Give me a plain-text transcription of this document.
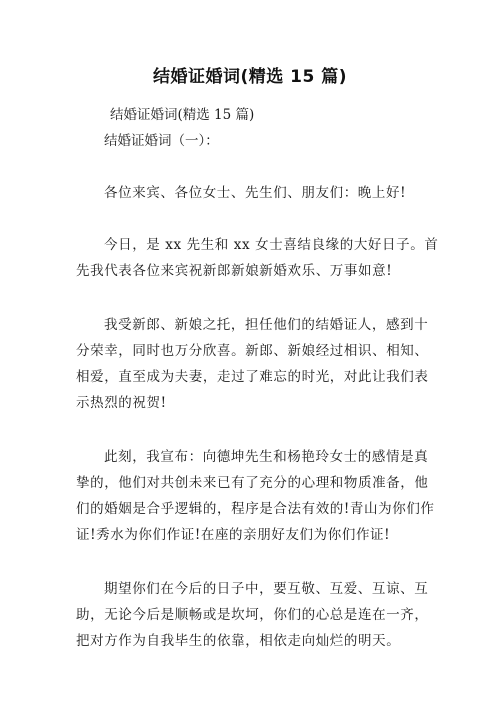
结婚证婚词(精选 15 篇)
结婚证婚词(精选 15 篇)
结婚证婚词（一）：
各位来宾、各位女士、先生们、朋友们：晚上好!
今日，是 xx 先生和 xx 女士喜结良缘的大好日子。首
先我代表各位来宾祝新郎新娘新婚欢乐、万事如意!
我受新郎、新娘之托，担任他们的结婚证人，感到十
分荣幸，同时也万分欣喜。新郎、新娘经过相识、相知、
相爱，直至成为夫妻，走过了难忘的时光，对此让我们表
示热烈的祝贺!
此刻，我宣布：向德坤先生和杨艳玲女士的感情是真
挚的，他们对共创未来已有了充分的心理和物质准备，他
们的婚姻是合乎逻辑的，程序是合法有效的!青山为你们作
证!秀水为你们作证!在座的亲朋好友们为你们作证!
期望你们在今后的日子中，要互敬、互爱、互谅、互
助，无论今后是顺畅或是坎坷，你们的心总是连在一齐，
把对方作为自我毕生的依靠，相依走向灿烂的明天。
